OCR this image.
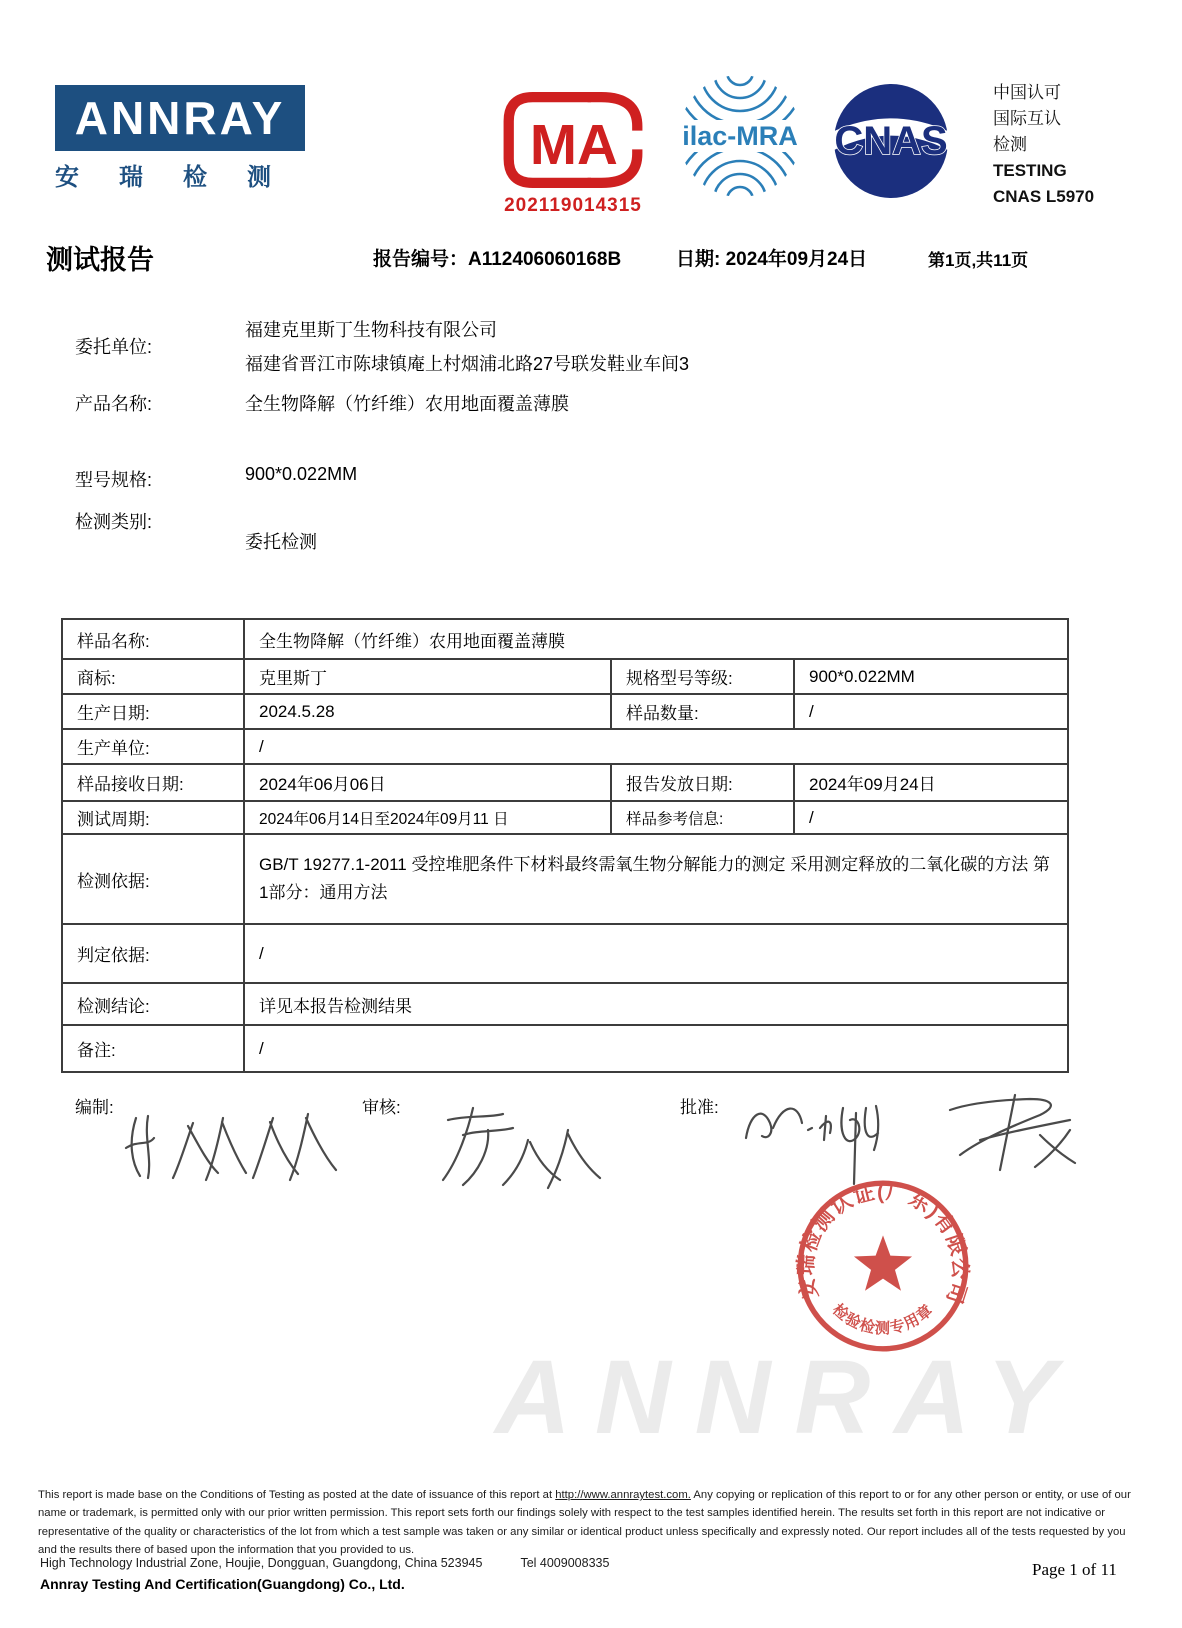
ANNRAY
安瑞检测
MA
202119014315
ilac-MRA CNAS
中国认可
国际互认
检测
TESTING
CNAS L5970
测试报告	报告编号：A112406060168B	日期: 2024年09月24日	第1页,共11页
委托单位:
福建克里斯丁生物科技有限公司
福建省晋江市陈埭镇庵上村烟浦北路27号联发鞋业车间3
产品名称:	全生物降解（竹纤维）农用地面覆盖薄膜
型号规格:	900*0.022MM
检测类别:
委托检测
样品名称:	全生物降解（竹纤维）农用地面覆盖薄膜
商标:	克里斯丁	规格型号等级:	900*0.022MM
生产日期:	2024.5.28	样品数量:	/
生产单位:	/
样品接收日期:	2024年06月06日	报告发放日期:	2024年09月24日
测试周期:	2024年06月14日至2024年09月11 日	样品参考信息:	/
检测依据:
GB/T 19277.1-2011 受控堆肥条件下材料最终需氧生物分解能力的测定 采用测定释放的二氧化碳的方法 第1部分：通用方法
判定依据:	/
检测结论:	详见本报告检测结果
备注:	/
编制:	审核:	批准:
安瑞检测认证(广东)有限公司
检验检测专用章
ANNRAY

This report is made base on the Conditions of Testing as posted at the date of issuance of this report at http://www.annraytest.com. Any copying or replication of this report to or for any other person or entity, or use of our name or trademark, is permitted only with our prior written permission. This report sets forth our findings solely with respect to the test samples identified herein. The results set forth in this report are not indicative or representative of the quality or characteristics of the lot from which a test sample was taken or any similar or identical product unless specifically and expressly noted. Our report includes all of the tests requested by you and the results there of based upon the information that you provided to us.

High Technology Industrial Zone, Houjie, Dongguan, Guangdong, China 523945	Tel 4009008335
Annray Testing And Certification(Guangdong) Co., Ltd.
Page 1 of 11
